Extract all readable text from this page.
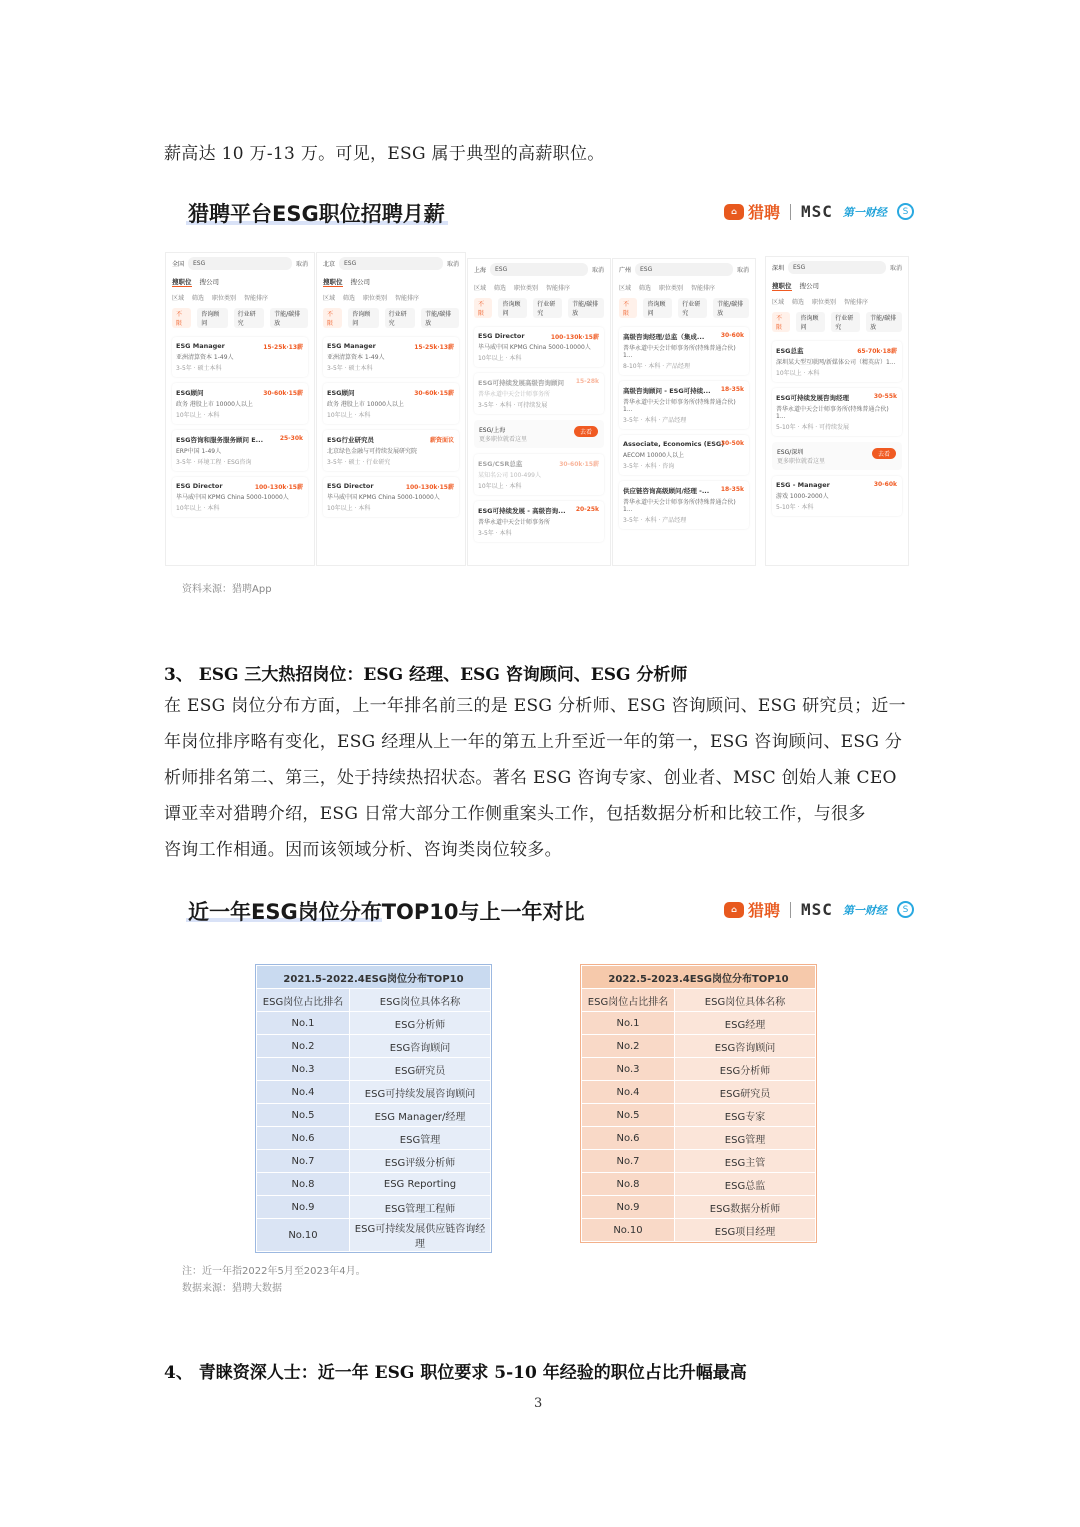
薪高达 10 万-13 万。可见，ESG 属于典型的高薪职位。
猎聘平台ESG职位招聘月薪	⌂ 猎聘 MSC 第一财经	S
全国	ESG	取消
搜职位 搜公司
区域 筛选 职位类别 智能排序
不限
咨询顾问
行业研究
节能/碳排放
ESG Manager	15-25k·13薪
亚洲清算资本 1-49人
3-5年 · 硕士本科
ESG顾问	30-60k·15薪
政务 港股上市 10000人以上
10年以上 · 本科
ESG咨询和服务服务顾问 E...	25-30k
ERP中国 1-49人
3-5年 · 环境工程 · ESG咨询
ESG Director	100-130k·15薪
毕马威中国 KPMG China 5000-10000人
10年以上 · 本科
北京	ESG	取消
搜职位 搜公司
区域 筛选 职位类别 智能排序
不限
咨询顾问
行业研究
节能/碳排放
ESG Manager	15-25k·13薪
亚洲清算资本 1-49人
3-5年 · 硕士本科
ESG顾问	30-60k·15薪
政务 港股上市 10000人以上
10年以上 · 本科
ESG行业研究员	薪资面议
北京绿色金融与可持续发展研究院
3-5年 · 硕士 · 行业研究
ESG Director	100-130k·15薪
毕马威中国 KPMG China 5000-10000人
10年以上 · 本科
上海	ESG	取消
区域 筛选 职位类别 智能排序
不限
咨询顾问
行业研究
节能/碳排放
ESG Director	100-130k·15薪
毕马威中国 KPMG China 5000-10000人
10年以上 · 本科
ESG可持续发展高级咨询顾问	15-28k
普华永道中天会计师事务所
3-5年 · 本科 · 可持续发展
ESG/上海
更多职位就看这里
去看
ESG/CSR总监	30-60k·15薪
某知名公司 100-499人
10年以上 · 本科
ESG可持续发展 - 高级咨询...	20-25k
普华永道中天会计师事务所
3-5年 · 本科
广州	ESG	取消
区域 筛选 职位类别 智能排序
不限
咨询顾问
行业研究
节能/碳排放
高级咨询经理/总监（集成...	30-60k
普华永道中天会计师事务所(特殊普通合伙) 1...
8-10年 · 本科 · 产品经理
高级咨询顾问 - ESG可持续...	18-35k
普华永道中天会计师事务所(特殊普通合伙) 1...
3-5年 · 本科 · 产品经理
Associate, Economics (ESG)
30-50k
AECOM 10000人以上
3-5年 · 本科 · 咨询
供应链咨询高级顾问/经理 -...	18-35k
普华永道中天会计师事务所(特殊普通合伙) 1...
3-5年 · 本科 · 产品经理
深圳	ESG	取消
搜职位 搜公司
区域 筛选 职位类别 智能排序
不限
咨询顾问
行业研究
节能/碳排放
ESG总监	65-70k·18薪
深圳某大型互联网/新媒体公司（精英店）1...
10年以上 · 本科
ESG可持续发展咨询经理	30-55k
普华永道中天会计师事务所(特殊普通合伙) 1...
5-10年 · 本科 · 可持续发展
ESG/深圳
更多职位就看这里
去看
ESG - Manager	30-60k
游戏 1000-2000人
5-10年 · 本科
资料来源：猎聘App
3、 ESG 三大热招岗位：ESG 经理、ESG 咨询顾问、ESG 分析师
在 ESG 岗位分布方面，上一年排名前三的是 ESG 分析师、ESG 咨询顾问、ESG 研究员；近一
年岗位排序略有变化，ESG 经理从上一年的第五上升至近一年的第一，ESG 咨询顾问、ESG 分
析师排名第二、第三，处于持续热招状态。著名 ESG 咨询专家、创业者、MSC 创始人兼 CEO
谭亚幸对猎聘介绍，ESG 日常大部分工作侧重案头工作，包括数据分析和比较工作，与很多
咨询工作相通。因而该领域分析、咨询类岗位较多。
近一年ESG岗位分布TOP10与上一年对比	⌂ 猎聘 MSC 第一财经	S
2021.5-2022.4ESG岗位分布TOP10	
ESG岗位占比排名	ESG岗位具体名称
No.1	ESG分析师
No.2	ESG咨询顾问
No.3	ESG研究员
No.4	ESG可持续发展咨询顾问
No.5	ESG Manager/经理
No.6	ESG管理
No.7	ESG评级分析师
No.8	ESG Reporting
No.9	ESG管理工程师
No.10	ESG可持续发展供应链咨询经理
2022.5-2023.4ESG岗位分布TOP10	
ESG岗位占比排名	ESG岗位具体名称
No.1	ESG经理
No.2	ESG咨询顾问
No.3	ESG分析师
No.4	ESG研究员
No.5	ESG专家
No.6	ESG管理
No.7	ESG主管
No.8	ESG总监
No.9	ESG数据分析师
No.10	ESG项目经理
注：近一年指2022年5月至2023年4月。
数据来源：猎聘大数据
4、 青睐资深人士：近一年 ESG 职位要求 5-10 年经验的职位占比升幅最高
3
